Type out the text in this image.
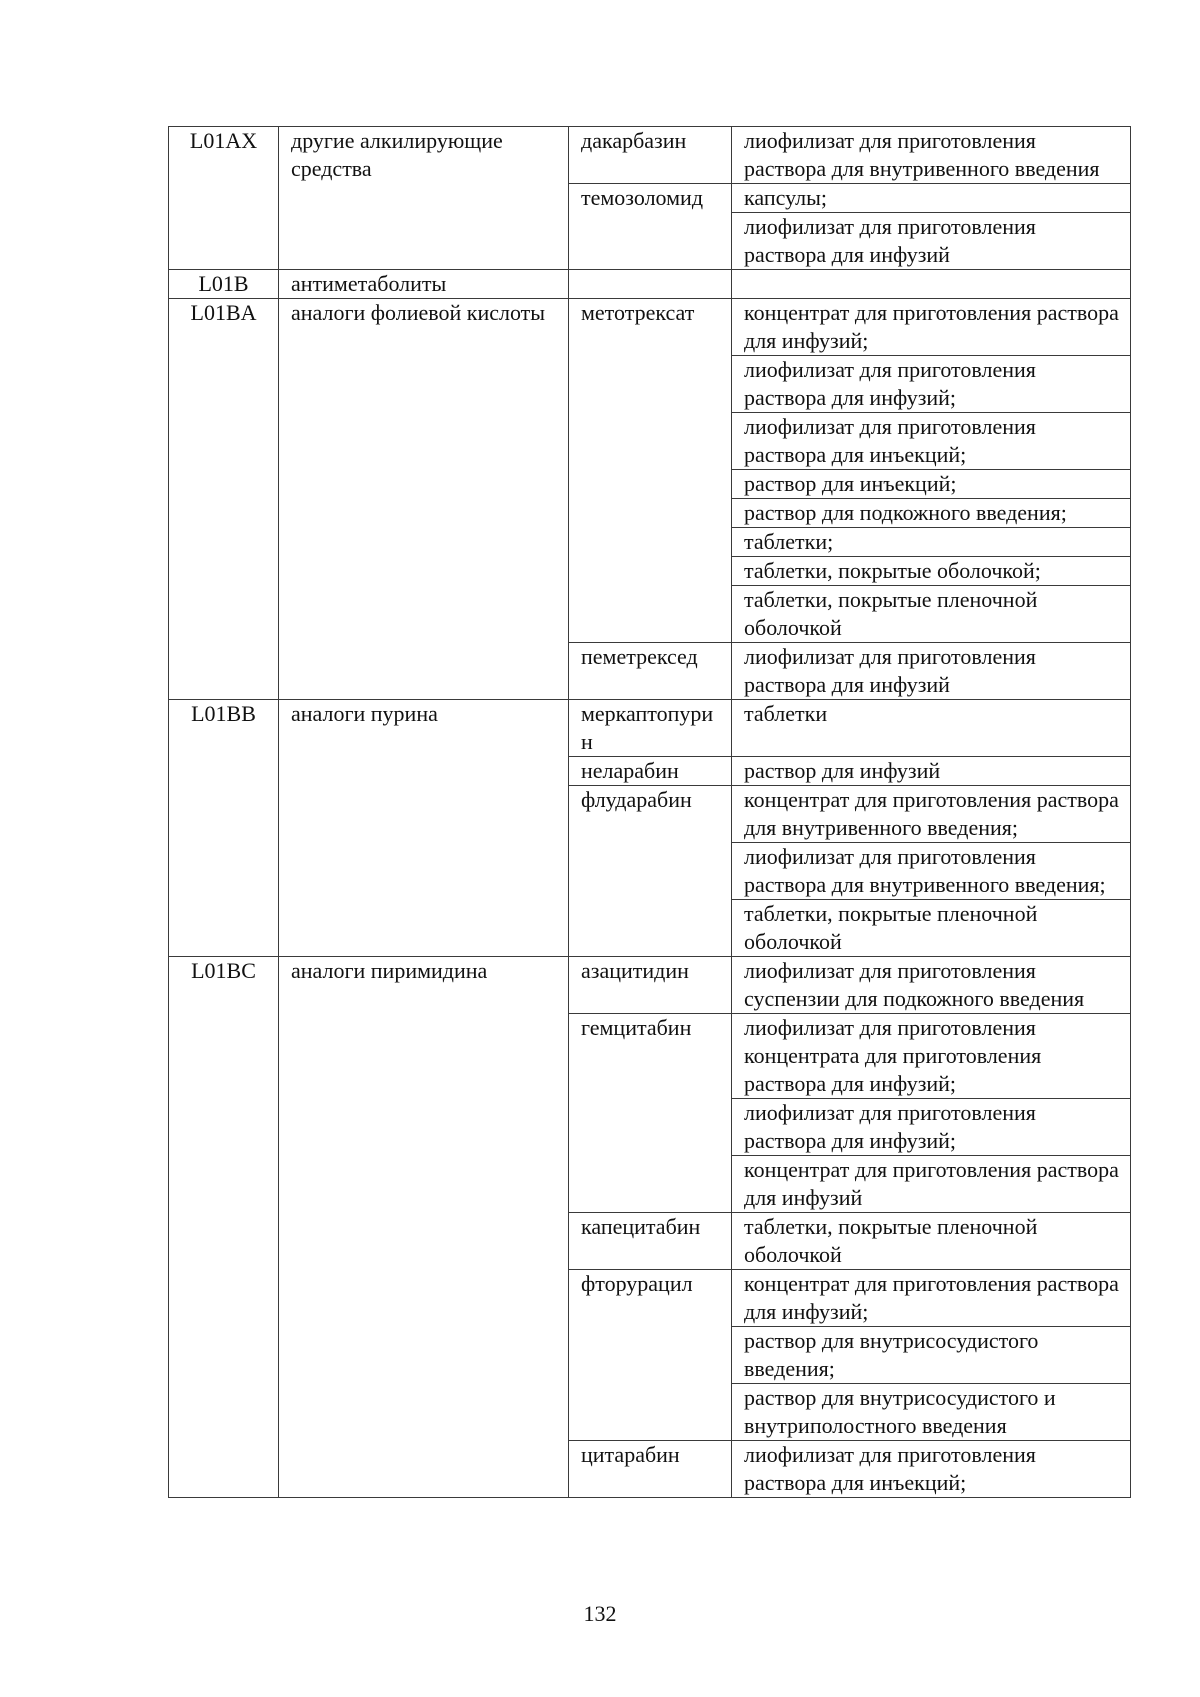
L01AX	другие алкилирующие средства	дакарбазин	лиофилизат для приготовления раствора для внутривенного введения
		темозоломид	капсулы;
			лиофилизат для приготовления раствора для инфузий
L01B	антиметаболиты		
L01BA	аналоги фолиевой кислоты	метотрексат	концентрат для приготовления раствора для инфузий;
			лиофилизат для приготовления раствора для инфузий;
			лиофилизат для приготовления раствора для инъекций;
			раствор для инъекций;
			раствор для подкожного введения;
			таблетки;
			таблетки, покрытые оболочкой;
			таблетки, покрытые пленочной оболочкой
		пеметрексед	лиофилизат для приготовления раствора для инфузий
L01BB	аналоги пурина	меркаптопурин	таблетки
		неларабин	раствор для инфузий
		флударабин	концентрат для приготовления раствора для внутривенного введения;
			лиофилизат для приготовления раствора для внутривенного введения;
			таблетки, покрытые пленочной оболочкой
L01BC	аналоги пиримидина	азацитидин	лиофилизат для приготовления суспензии для подкожного введения
		гемцитабин	лиофилизат для приготовления концентрата для приготовления раствора для инфузий;
			лиофилизат для приготовления раствора для инфузий;
			концентрат для приготовления раствора для инфузий
		капецитабин	таблетки, покрытые пленочной оболочкой
		фторурацил	концентрат для приготовления раствора для инфузий;
			раствор для внутрисосудистого введения;
			раствор для внутрисосудистого и внутриполостного введения
		цитарабин	лиофилизат для приготовления раствора для инъекций;
132
